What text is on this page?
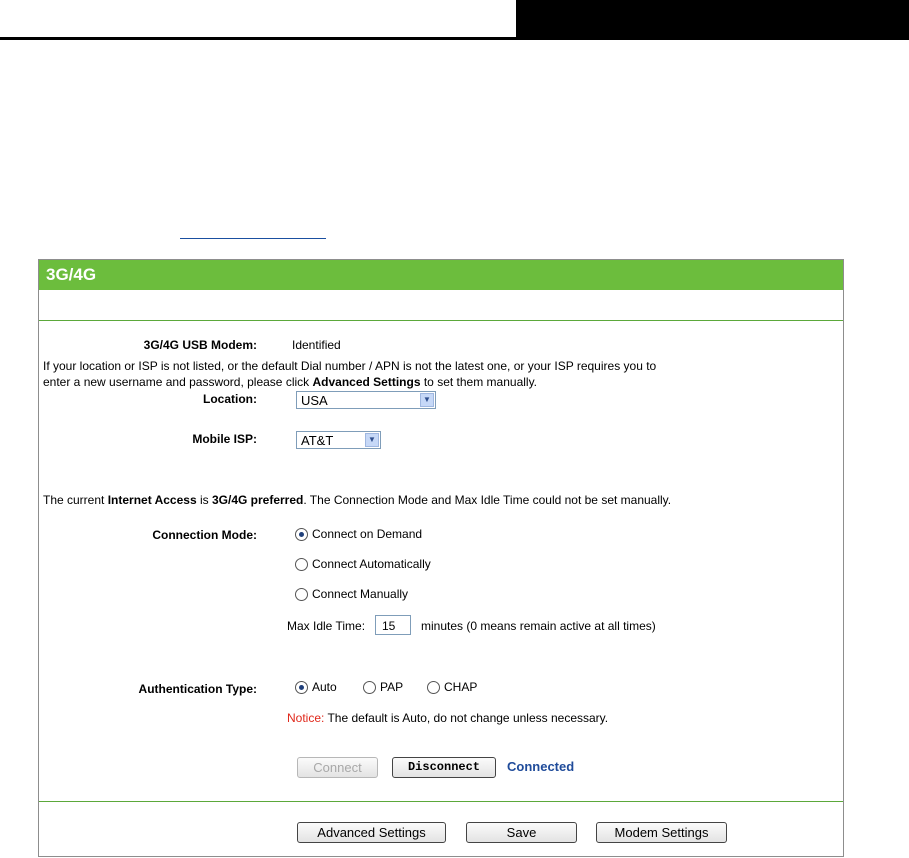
3G/4G
3G/4G USB Modem:	Identified
If your location or ISP is not listed, or the default Dial number / APN is not the latest one, or your ISP requires you to
enter a new username and password, please click Advanced Settings to set them manually.
Location:	USA	▼
Mobile ISP:	AT&T	▼
The current Internet Access is 3G/4G preferred. The Connection Mode and Max Idle Time could not be set manually.
Connection Mode:	Connect on Demand
Connect Automatically
Connect Manually
Max Idle Time:	15	minutes (0 means remain active at all times)
Authentication Type:	Auto	PAP	CHAP
Notice: The default is Auto, do not change unless necessary.
Connect	Disconnect	Connected
Advanced Settings	Save	Modem Settings
